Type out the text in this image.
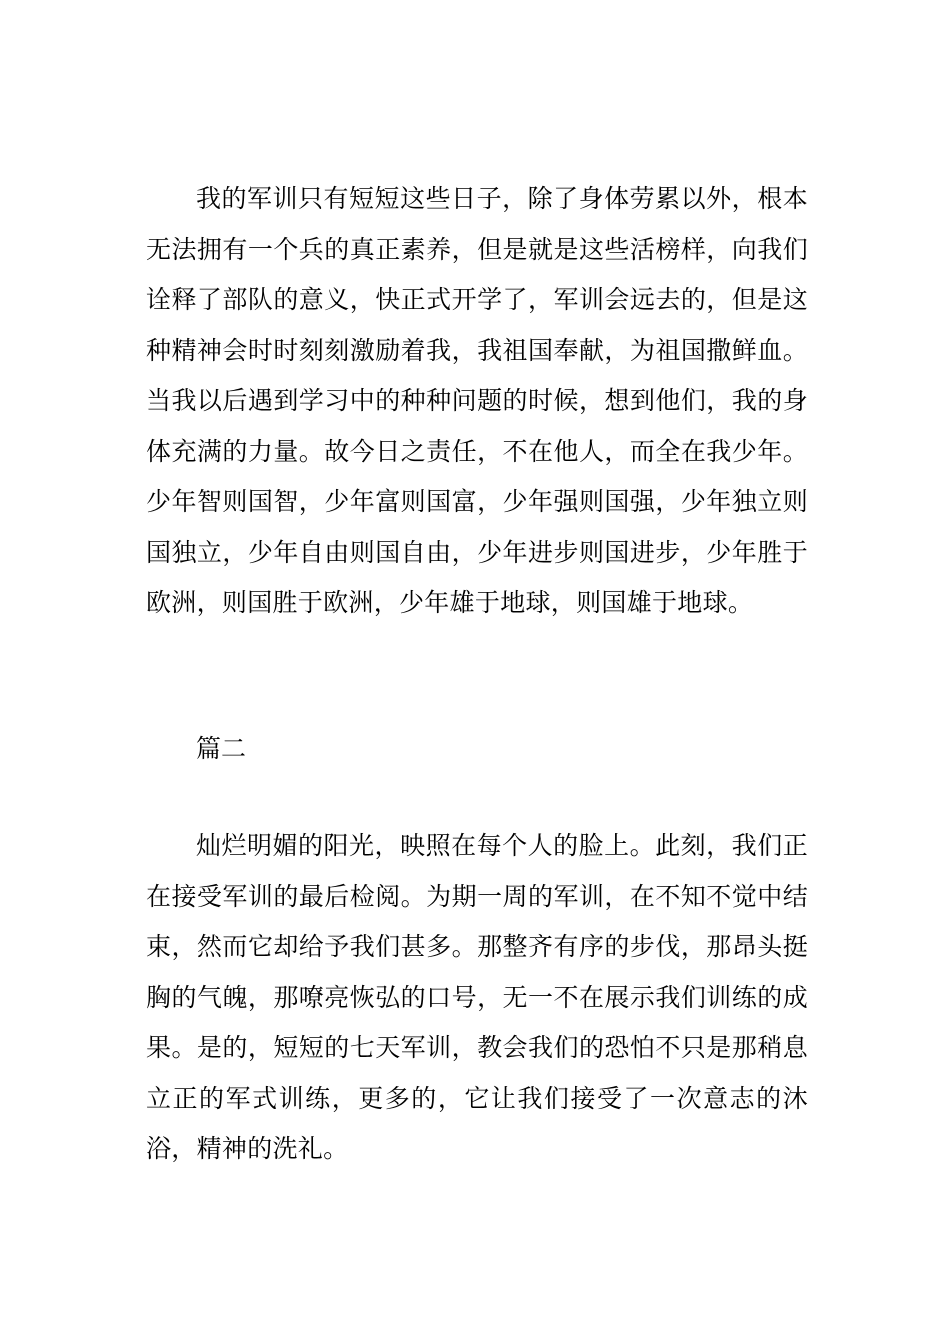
我的军训只有短短这些日子，除了身体劳累以外，根本无法拥有一个兵的真正素养，但是就是这些活榜样，向我们诠释了部队的意义，快正式开学了，军训会远去的，但是这种精神会时时刻刻激励着我，我祖国奉献，为祖国撒鲜血。当我以后遇到学习中的种种问题的时候，想到他们，我的身体充满的力量。故今日之责任，不在他人，而全在我少年。少年智则国智，少年富则国富，少年强则国强，少年独立则国独立，少年自由则国自由，少年进步则国进步，少年胜于欧洲，则国胜于欧洲，少年雄于地球，则国雄于地球。

篇二

灿烂明媚的阳光，映照在每个人的脸上。此刻，我们正在接受军训的最后检阅。为期一周的军训，在不知不觉中结束，然而它却给予我们甚多。那整齐有序的步伐，那昂头挺胸的气魄，那嘹亮恢弘的口号，无一不在展示我们训练的成果。是的，短短的七天军训，教会我们的恐怕不只是那稍息立正的军式训练，更多的，它让我们接受了一次意志的沐浴，精神的洗礼。
